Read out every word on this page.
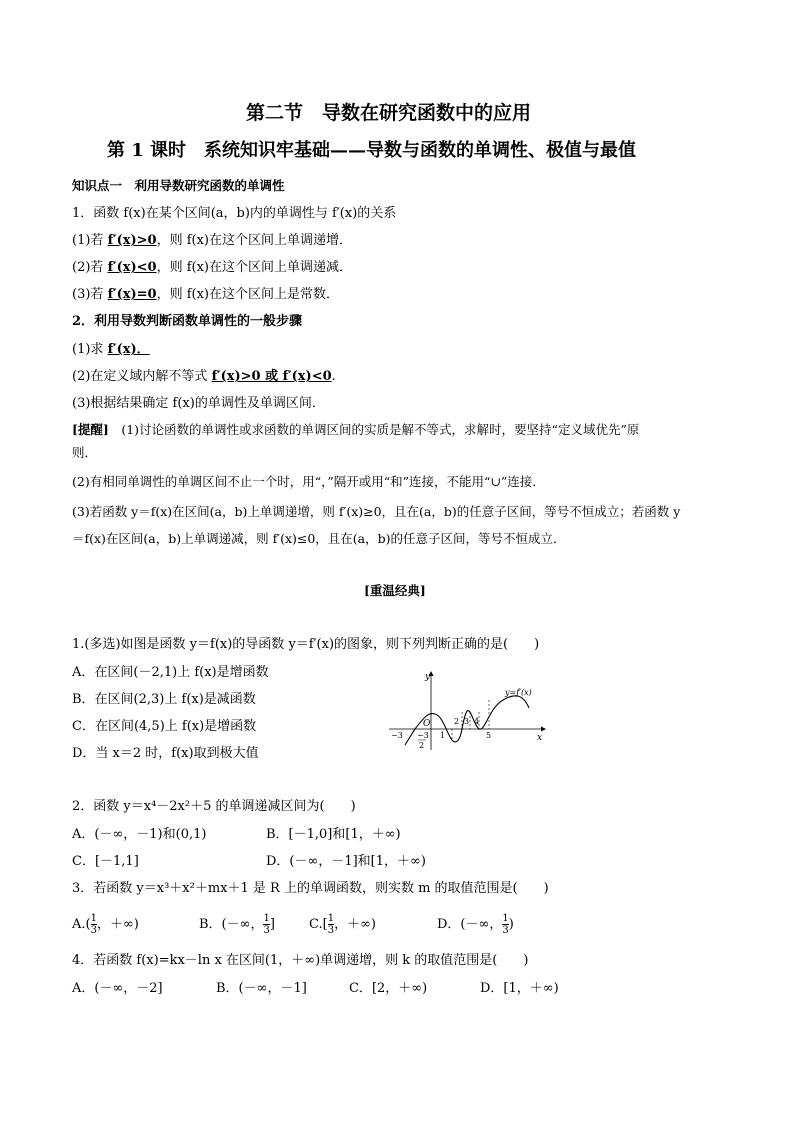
第二节　导数在研究函数中的应用
第 1 课时　系统知识牢基础——导数与函数的单调性、极值与最值
知识点一　利用导数研究函数的单调性
1．函数 f(x)在某个区间(a，b)内的单调性与 f′(x)的关系
(1)若 f′(x)>0，则 f(x)在这个区间上单调递增．
(2)若 f′(x)<0，则 f(x)在这个区间上单调递减．
(3)若 f′(x)=0，则 f(x)在这个区间上是常数．
2．利用导数判断函数单调性的一般步骤
(1)求 f′(x)．
(2)在定义域内解不等式 f′(x)>0 或 f′(x)<0.
(3)根据结果确定 f(x)的单调性及单调区间．
[提醒]　(1)讨论函数的单调性或求函数的单调区间的实质是解不等式，求解时，要坚持“定义域优先”原
则．
(2)有相同单调性的单调区间不止一个时，用“，”隔开或用“和”连接，不能用“∪”连接．
(3)若函数 y＝f(x)在区间(a，b)上单调递增，则 f′(x)≥0，且在(a，b)的任意子区间，等号不恒成立；若函数 y
＝f(x)在区间(a，b)上单调递减，则 f′(x)≤0，且在(a，b)的任意子区间，等号不恒成立．
[重温经典]
1.(多选)如图是函数 y＝f(x)的导函数 y＝f′(x)的图象，则下列判断正确的是(　　)
A．在区间(－2,1)上 f(x)是增函数
B．在区间(2,3)上 f(x)是减函数
C．在区间(4,5)上 f(x)是增函数
D．当 x＝2 时，f(x)取到极大值
y
x
O
y=f′(x)
−3 −3
2
1
2 3 4
5
2．函数 y＝x⁴－2x²＋5 的单调递减区间为(　　)
A．(－∞，－1)和(0,1)	B．[－1,0]和[1，＋∞)
C．[－1,1]	D．(－∞，－1]和[1，＋∞)
3．若函数 y＝x³＋x²＋mx＋1 是 R 上的单调函数，则实数 m 的取值范围是(　　)
$A.( \frac{1}{3}$ ，＋∞)	B．(－∞， $\frac{1}{3}$ ]	$C.[ \frac{1}{3}$ ，＋∞)	D．(－∞， $\frac{1}{3}$ )
4．若函数 f(x)=kx－ln x 在区间(1，＋∞)单调递增，则 k 的取值范围是(　　)
A．(－∞，－2]	B．(－∞，－1]	C．[2，＋∞)	D．[1，＋∞)
